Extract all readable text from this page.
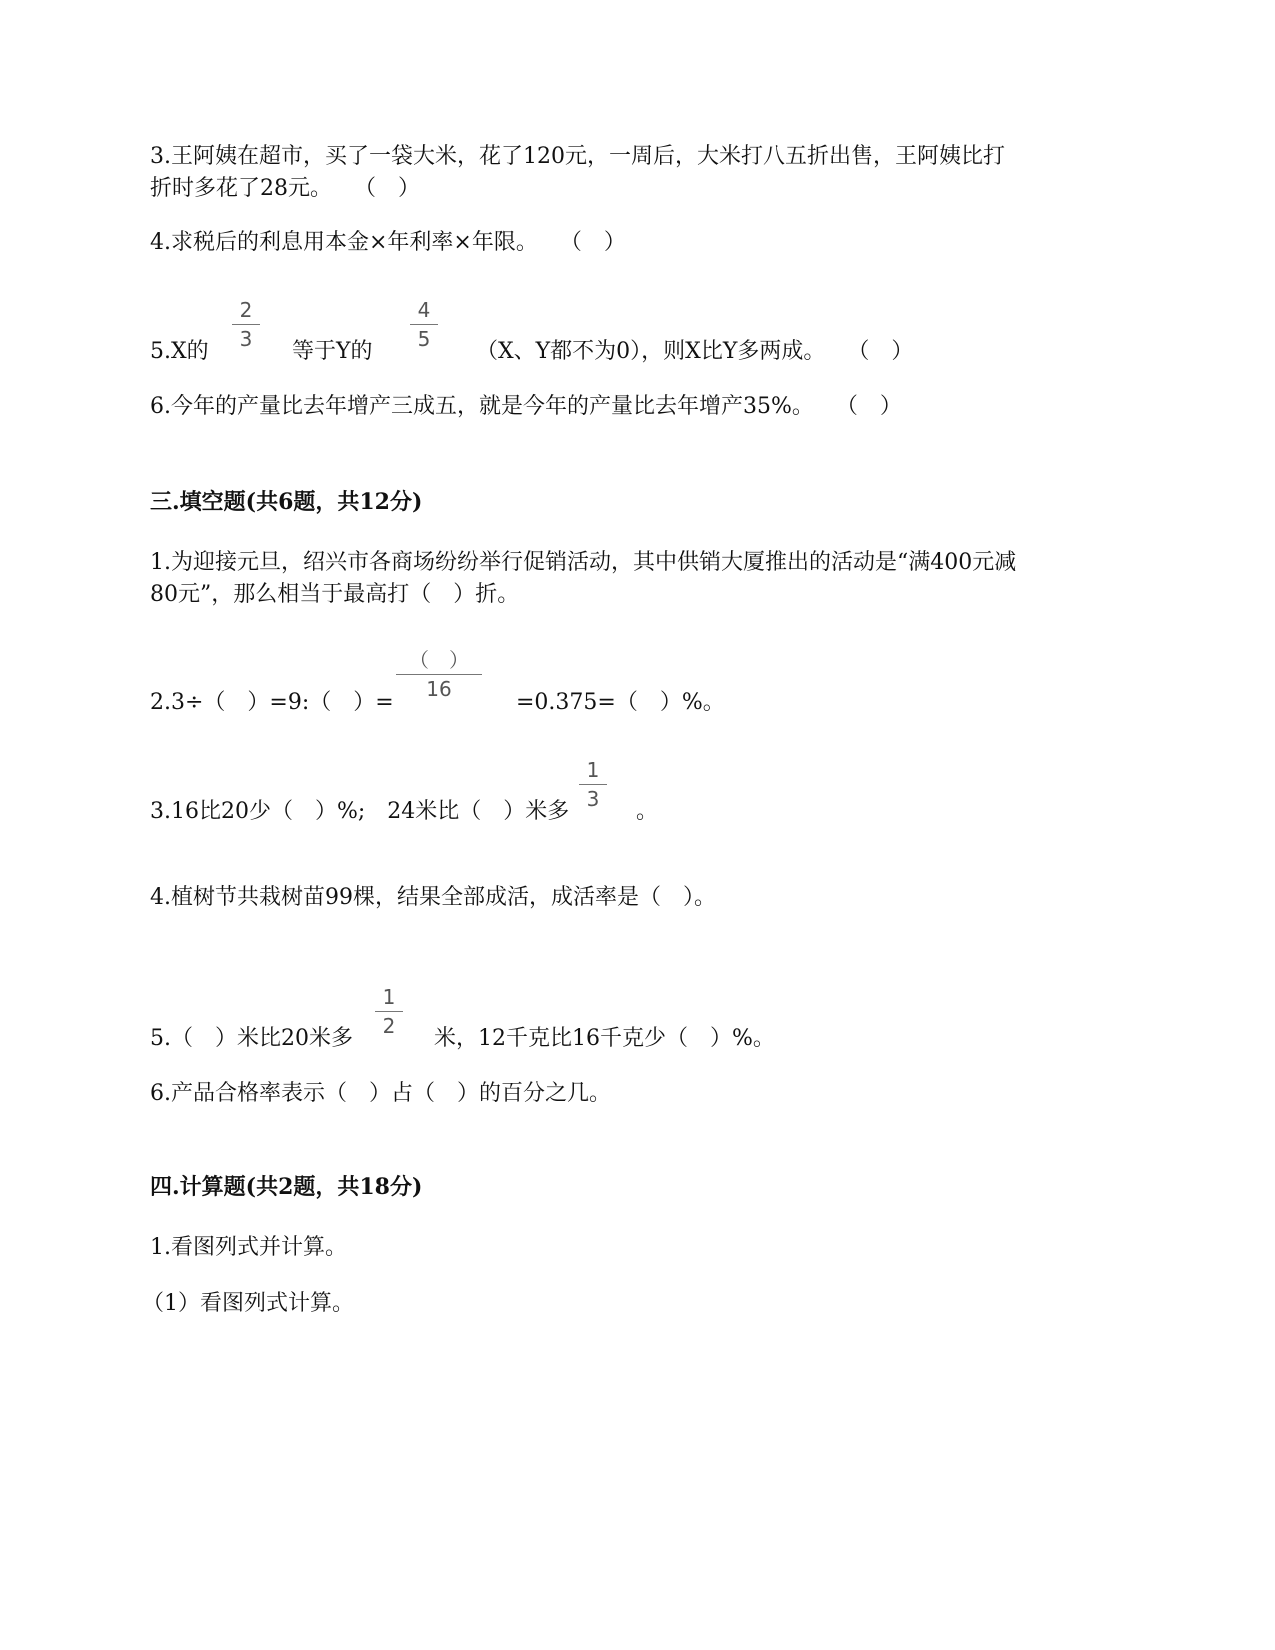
3.王阿姨在超市，买了一袋大米，花了120元，一周后，大米打八五折出售，王阿姨比打
折时多花了28元。　　（　）
4.求税后的利息用本金×年利率×年限。　　（　）
5.X的
2
3	等于Y的
4
5	（X、Y都不为0），则X比Y多两成。　　（　）
6.今年的产量比去年增产三成五，就是今年的产量比去年增产35%。　　（　）
三.填空题(共6题，共12分)
1.为迎接元旦，绍兴市各商场纷纷举行促销活动，其中供销大厦推出的活动是“满400元减
80元”，那么相当于最高打（　）折。
2.3÷（　）=9:（　）=
（　）
16
=0.375=（　）%。
3.16比20少（　）%;　24米比（　）米多
1
3	。
4.植树节共栽树苗99棵，结果全部成活，成活率是（　）。
5.（　）米比20米多
1
2	米，12千克比16千克少（　）%。
6.产品合格率表示（　）占（　）的百分之几。
四.计算题(共2题，共18分)
1.看图列式并计算。
（1）看图列式计算。
